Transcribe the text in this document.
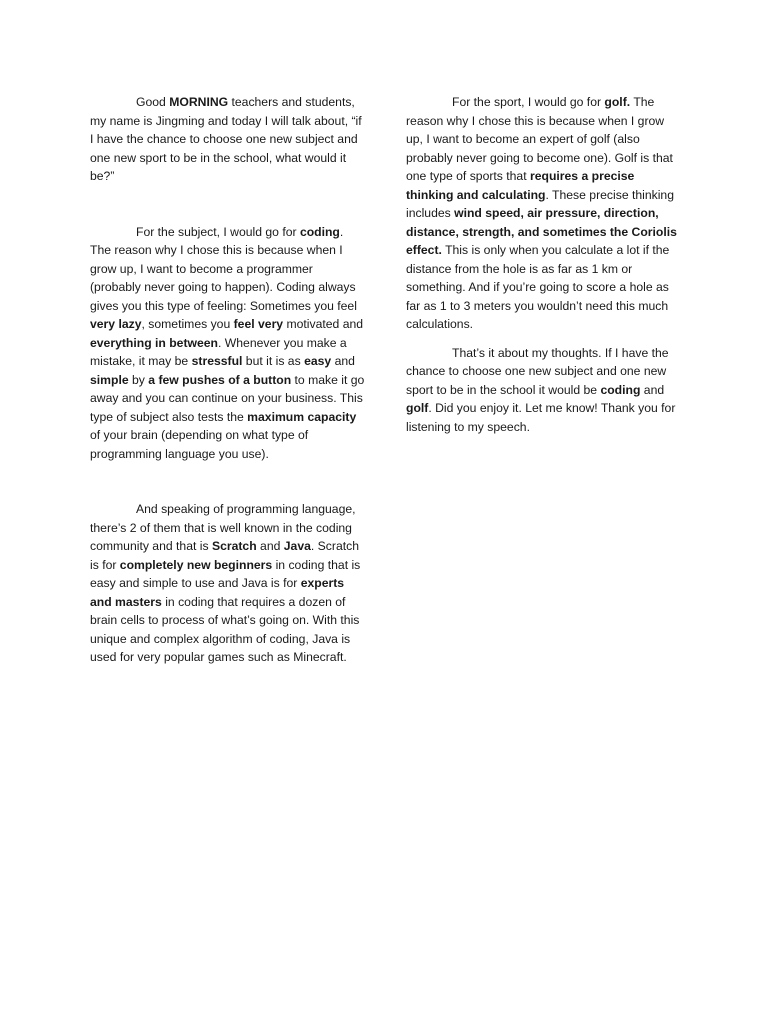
Good MORNING teachers and students, my name is Jingming and today I will talk about, “if I have the chance to choose one new subject and one new sport to be in the school, what would it be?”

For the subject, I would go for coding. The reason why I chose this is because when I grow up, I want to become a programmer (probably never going to happen). Coding always gives you this type of feeling: Sometimes you feel very lazy, sometimes you feel very motivated and everything in between. Whenever you make a mistake, it may be stressful but it is as easy and simple by a few pushes of a button to make it go away and you can continue on your business. This type of subject also tests the maximum capacity of your brain (depending on what type of programming language you use).

And speaking of programming language, there’s 2 of them that is well known in the coding community and that is Scratch and Java. Scratch is for completely new beginners in coding that is easy and simple to use and Java is for experts and masters in coding that requires a dozen of brain cells to process of what’s going on. With this unique and complex algorithm of coding, Java is used for very popular games such as Minecraft.

For the sport, I would go for golf. The reason why I chose this is because when I grow up, I want to become an expert of golf (also probably never going to become one). Golf is that one type of sports that requires a precise thinking and calculating. These precise thinking includes wind speed, air pressure, direction, distance, strength, and sometimes the Coriolis effect. This is only when you calculate a lot if the distance from the hole is as far as 1 km or something. And if you’re going to score a hole as far as 1 to 3 meters you wouldn’t need this much calculations.

That’s it about my thoughts. If I have the chance to choose one new subject and one new sport to be in the school it would be coding and golf. Did you enjoy it. Let me know! Thank you for listening to my speech.
